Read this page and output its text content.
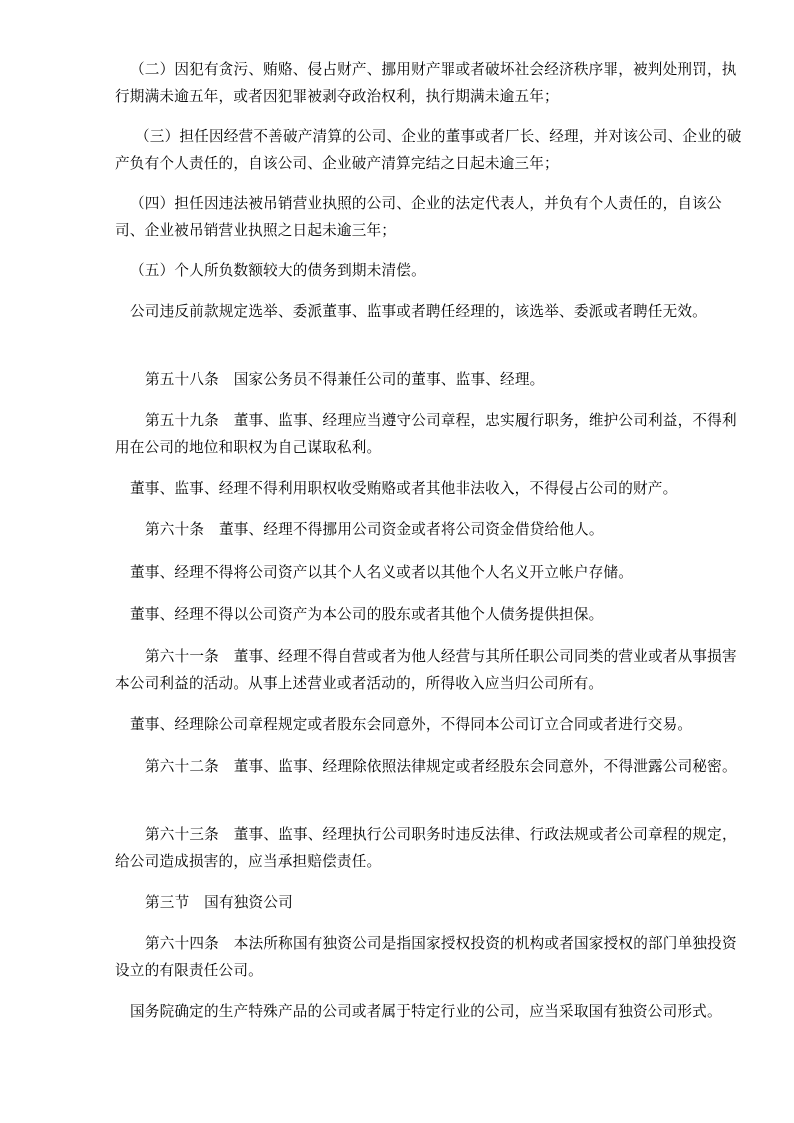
（二）因犯有贪污、贿赂、侵占财产、挪用财产罪或者破坏社会经济秩序罪，被判处刑罚，执行期满未逾五年，或者因犯罪被剥夺政治权利，执行期满未逾五年；

（三）担任因经营不善破产清算的公司、企业的董事或者厂长、经理，并对该公司、企业的破产负有个人责任的，自该公司、企业破产清算完结之日起未逾三年；

（四）担任因违法被吊销营业执照的公司、企业的法定代表人，并负有个人责任的，自该公司、企业被吊销营业执照之日起未逾三年；

（五）个人所负数额较大的债务到期未清偿。

公司违反前款规定选举、委派董事、监事或者聘任经理的，该选举、委派或者聘任无效。

第五十八条　国家公务员不得兼任公司的董事、监事、经理。

第五十九条　董事、监事、经理应当遵守公司章程，忠实履行职务，维护公司利益，不得利用在公司的地位和职权为自己谋取私利。

董事、监事、经理不得利用职权收受贿赂或者其他非法收入，不得侵占公司的财产。

第六十条　董事、经理不得挪用公司资金或者将公司资金借贷给他人。

董事、经理不得将公司资产以其个人名义或者以其他个人名义开立帐户存储。

董事、经理不得以公司资产为本公司的股东或者其他个人债务提供担保。

第六十一条　董事、经理不得自营或者为他人经营与其所任职公司同类的营业或者从事损害本公司利益的活动。从事上述营业或者活动的，所得收入应当归公司所有。

董事、经理除公司章程规定或者股东会同意外，不得同本公司订立合同或者进行交易。

第六十二条　董事、监事、经理除依照法律规定或者经股东会同意外，不得泄露公司秘密。

第六十三条　董事、监事、经理执行公司职务时违反法律、行政法规或者公司章程的规定，给公司造成损害的，应当承担赔偿责任。

第三节　国有独资公司

第六十四条　本法所称国有独资公司是指国家授权投资的机构或者国家授权的部门单独投资设立的有限责任公司。

国务院确定的生产特殊产品的公司或者属于特定行业的公司，应当采取国有独资公司形式。
